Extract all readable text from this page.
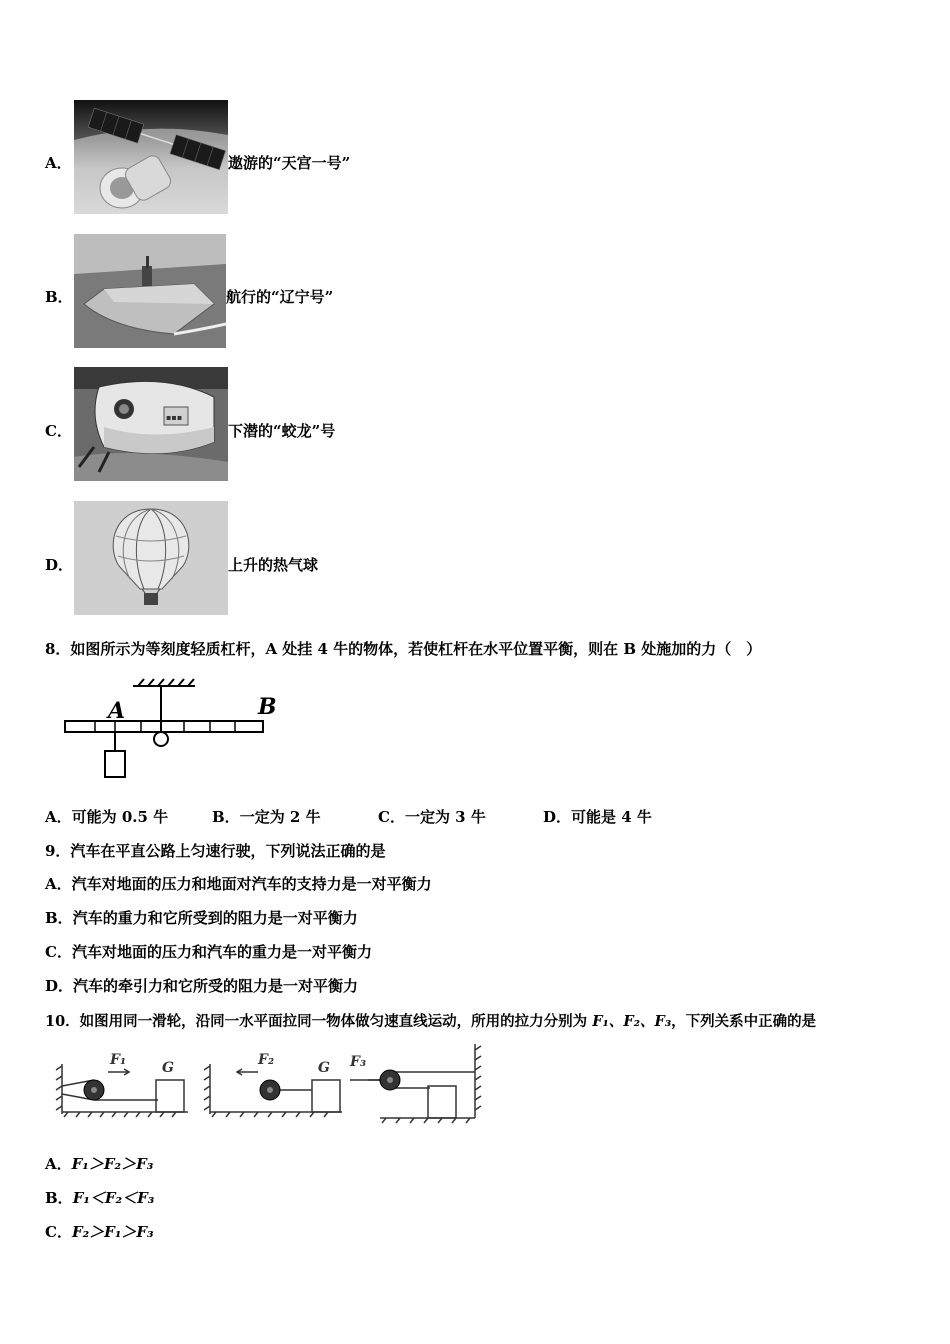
A．	遨游的“天宫一号”
B．	航行的“辽宁号”
C．
▪▪▪
下潜的“蛟龙”号
D．	上升的热气球
8．如图所示为等刻度轻质杠杆，A 处挂 4 牛的物体，若使杠杆在水平位置平衡，则在 B 处施加的力（　）
A	B
A．可能为 0.5 牛	B．一定为 2 牛	C．一定为 3 牛	D．可能是 4 牛
9．汽车在平直公路上匀速行驶，下列说法正确的是
A．汽车对地面的压力和地面对汽车的支持力是一对平衡力
B．汽车的重力和它所受到的阻力是一对平衡力
C．汽车对地面的压力和汽车的重力是一对平衡力
D．汽车的牵引力和它所受的阻力是一对平衡力
10．如图用同一滑轮，沿同一水平面拉同一物体做匀速直线运动，所用的拉力分别为 F₁、F₂、F₃，下列关系中正确的是
F₁	G	F₂	G F₃
A．F₁＞F₂＞F₃
B．F₁＜F₂＜F₃
C．F₂＞F₁＞F₃
